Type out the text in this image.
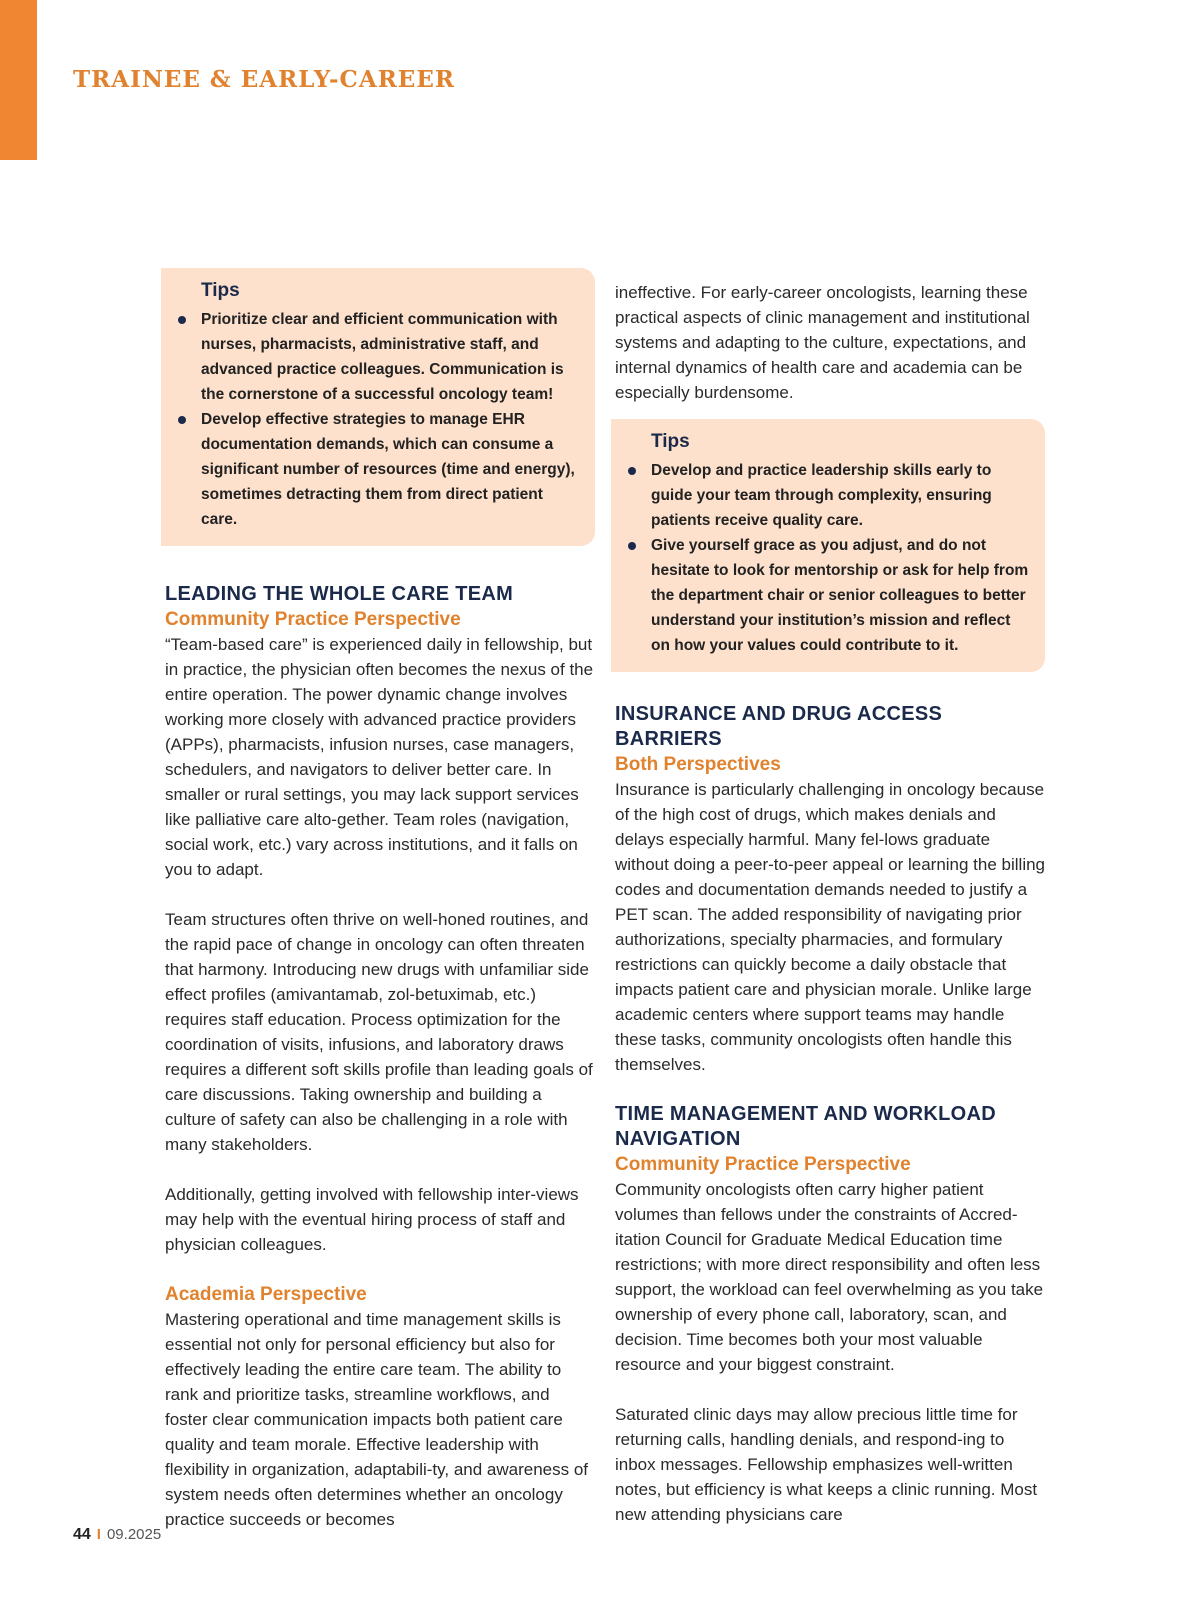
TRAINEE & EARLY-CAREER
Tips
Prioritize clear and efficient communication with nurses, pharmacists, administrative staff, and advanced practice colleagues. Communication is the cornerstone of a successful oncology team!
Develop effective strategies to manage EHR documentation demands, which can consume a significant number of resources (time and energy), sometimes detracting them from direct patient care.
LEADING THE WHOLE CARE TEAM
Community Practice Perspective

“Team-based care” is experienced daily in fellowship, but in practice, the physician often becomes the nexus of the entire operation. The power dynamic change involves working more closely with advanced practice providers (APPs), pharmacists, infusion nurses, case managers, schedulers, and navigators to deliver better care. In smaller or rural settings, you may lack support services like palliative care alto-gether. Team roles (navigation, social work, etc.) vary across institutions, and it falls on you to adapt.

Team structures often thrive on well-honed routines, and the rapid pace of change in oncology can often threaten that harmony. Introducing new drugs with unfamiliar side effect profiles (amivantamab, zol-betuximab, etc.) requires staff education. Process optimization for the coordination of visits, infusions, and laboratory draws requires a different soft skills profile than leading goals of care discussions. Taking ownership and building a culture of safety can also be challenging in a role with many stakeholders.

Additionally, getting involved with fellowship inter-views may help with the eventual hiring process of staff and physician colleagues.

Academia Perspective

Mastering operational and time management skills is essential not only for personal efficiency but also for effectively leading the entire care team. The ability to rank and prioritize tasks, streamline workflows, and foster clear communication impacts both patient care quality and team morale. Effective leadership with flexibility in organization, adaptabili-ty, and awareness of system needs often determines whether an oncology practice succeeds or becomes

ineffective. For early-career oncologists, learning these practical aspects of clinic management and institutional systems and adapting to the culture, expectations, and internal dynamics of health care and academia can be especially burdensome.

Tips
Develop and practice leadership skills early to guide your team through complexity, ensuring patients receive quality care.
Give yourself grace as you adjust, and do not hesitate to look for mentorship or ask for help from the department chair or senior colleagues to better understand your institution’s mission and reflect on how your values could contribute to it.
INSURANCE AND DRUG ACCESS BARRIERS
Both Perspectives

Insurance is particularly challenging in oncology because of the high cost of drugs, which makes denials and delays especially harmful. Many fel-lows graduate without doing a peer-to-peer appeal or learning the billing codes and documentation demands needed to justify a PET scan. The added responsibility of navigating prior authorizations, specialty pharmacies, and formulary restrictions can quickly become a daily obstacle that impacts patient care and physician morale. Unlike large academic centers where support teams may handle these tasks, community oncologists often handle this themselves.

TIME MANAGEMENT AND WORKLOAD NAVIGATION
Community Practice Perspective

Community oncologists often carry higher patient volumes than fellows under the constraints of Accred-itation Council for Graduate Medical Education time restrictions; with more direct responsibility and often less support, the workload can feel overwhelming as you take ownership of every phone call, laboratory, scan, and decision. Time becomes both your most valuable resource and your biggest constraint.

Saturated clinic days may allow precious little time for returning calls, handling denials, and respond-ing to inbox messages. Fellowship emphasizes well-written notes, but efficiency is what keeps a clinic running. Most new attending physicians care

44 I 09.2025
